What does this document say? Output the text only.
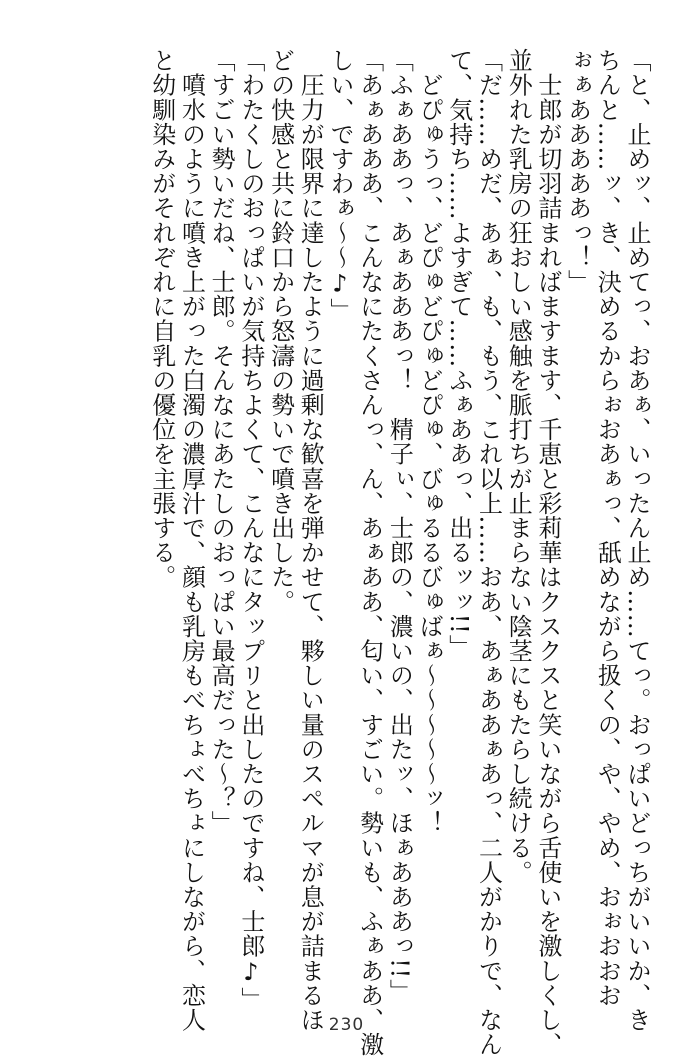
「と、止めッ、止めてっ、おあぁ、いったん止め……てっ。おっぱいどっちがいいか、き
ちんと……ッ、き、決めるからぉおあぁっ、舐めながら扱くの、や、やめ、おぉおおお
ぉぁあああああっ！」
　士郎が切羽詰まればますます、千恵と彩莉華はクスクスと笑いながら舌使いを激しくし、
並外れた乳房の狂おしい感触を脈打ちが止まらない陰茎にもたらし続ける。
「だ……めだ、あぁ、も、もう、これ以上……おあ、あぁああぁあっ、二人がかりで、なん
て、気持ち……よすぎて……ふぁああっ、出るッッ!!」
　どぴゅうっ、どぴゅどぴゅどぴゅ、びゅるるびゅばぁ〜〜〜〜〜ッ！
「ふぁああっ、あぁあああっ！　精子ぃ、士郎の、濃いの、出たッ、ほぁあああっ!!」
「あぁあああ、こんなにたくさんっ、ん、あぁああ、匂い、すごい。勢いも、ふぁああ、激
しい、ですわぁ〜〜♪」
　圧力が限界に達したように過剰な歓喜を弾かせて、夥しい量のスペルマが息が詰まるほ
どの快感と共に鈴口から怒濤の勢いで噴き出した。
「わたくしのおっぱいが気持ちよくて、こんなにタップリと出したのですね、士郎♪」
「すごい勢いだね、士郎。そんなにあたしのおっぱい最高だった〜？」
　噴水のように噴き上がった白濁の濃厚汁で、顔も乳房もべちょべちょにしながら、恋人
と幼馴染みがそれぞれに自乳の優位を主張する。
230
